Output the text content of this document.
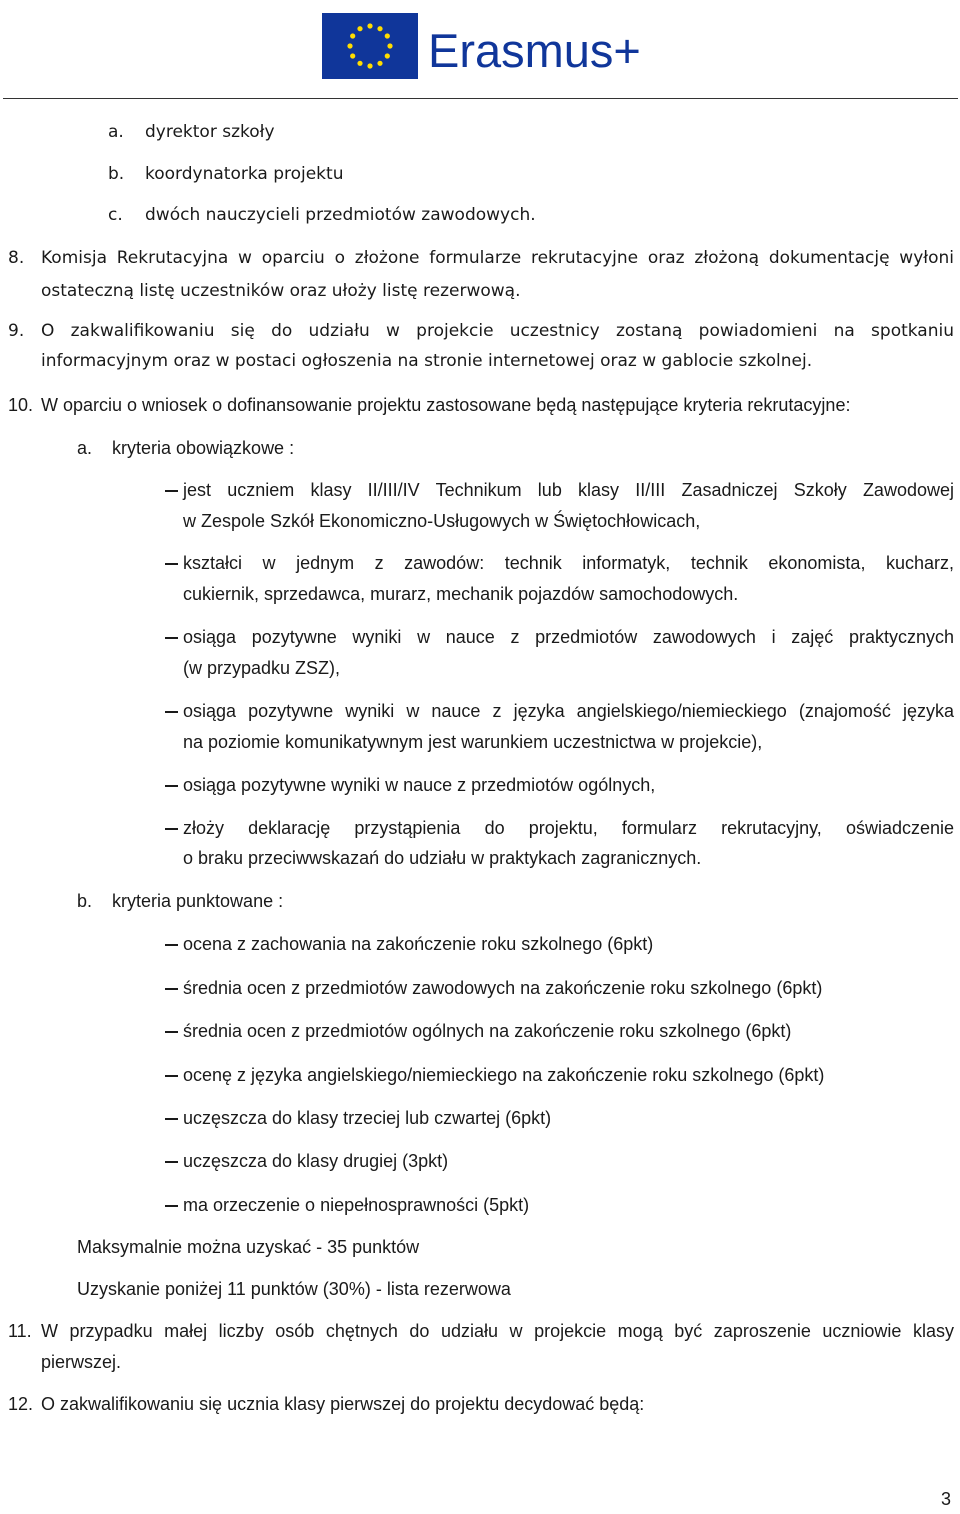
Erasmus+
a. dyrektor szkoły
b. koordynatorka projektu
c. dwóch nauczycieli przedmiotów zawodowych.
8. Komisja Rekrutacyjna w oparciu o złożone formularze rekrutacyjne oraz złożoną dokumentację wyłoni
ostateczną listę uczestników oraz ułoży listę rezerwową.
9. O zakwalifikowaniu się do udziału w projekcie uczestnicy zostaną powiadomieni na spotkaniu
informacyjnym oraz w postaci ogłoszenia na stronie internetowej oraz w gablocie szkolnej.
10. W oparciu o wniosek o dofinansowanie projektu zastosowane będą następujące kryteria rekrutacyjne:
a. kryteria obowiązkowe :
jest uczniem klasy II/III/IV Technikum lub klasy II/III Zasadniczej Szkoły Zawodowej
w Zespole Szkół Ekonomiczno-Usługowych w Świętochłowicach,
kształci w jednym z zawodów: technik informatyk, technik ekonomista, kucharz,
cukiernik, sprzedawca, murarz, mechanik pojazdów samochodowych.
osiąga pozytywne wyniki w nauce z przedmiotów zawodowych i zajęć praktycznych
(w przypadku ZSZ),
osiąga pozytywne wyniki w nauce z języka angielskiego/niemieckiego (znajomość języka
na poziomie komunikatywnym jest warunkiem uczestnictwa w projekcie),
osiąga pozytywne wyniki w nauce z przedmiotów ogólnych,
złoży deklarację przystąpienia do projektu, formularz rekrutacyjny, oświadczenie
o braku przeciwwskazań do udziału w praktykach zagranicznych.
b. kryteria punktowane :
ocena z zachowania na zakończenie roku szkolnego (6pkt)
średnia ocen z przedmiotów zawodowych na zakończenie roku szkolnego (6pkt)
średnia ocen z przedmiotów ogólnych na zakończenie roku szkolnego (6pkt)
ocenę z języka angielskiego/niemieckiego na zakończenie roku szkolnego (6pkt)
uczęszcza do klasy trzeciej lub czwartej (6pkt)
uczęszcza do klasy drugiej (3pkt)
ma orzeczenie o niepełnosprawności (5pkt)
Maksymalnie można uzyskać - 35 punktów
Uzyskanie poniżej 11 punktów (30%) - lista rezerwowa
11. W przypadku małej liczby osób chętnych do udziału w projekcie mogą być zaproszenie uczniowie klasy
pierwszej.
12. O zakwalifikowaniu się ucznia klasy pierwszej do projektu decydować będą:
3
